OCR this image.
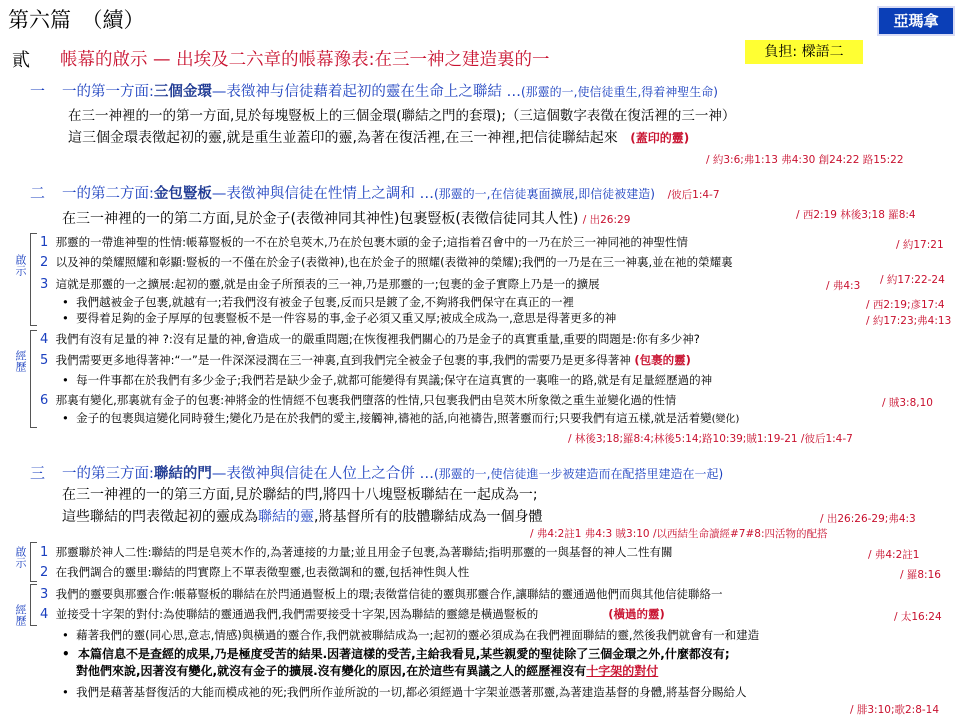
第六篇　（續）	亞瑪拿
負担: 樑語二
貳 帳幕的啟示 — 出埃及二六章的帳幕豫表:在三一神之建造裏的一
一 一的第一方面:三個金環—表徵神与信徒藉着起初的靈在生命上之聯結 …(那靈的一,使信徒重生,得着神聖生命)
在三一神裡的一的第一方面,見於每塊豎板上的三個金環(聯結之門的套環);（三這個數字表徵在復活裡的三一神）
這三個金環表徵起初的靈,就是重生並蓋印的靈,為著在復活裡,在三一神裡,把信徒聯結起來 (蓋印的靈)
/ 約3:6;弗1:13 弗4:30 創24:22 路15:22
二 一的第二方面:金包豎板—表徵神與信徒在性情上之調和 …(那靈的一,在信徒裏面擴展,即信徒被建造) /彼后1:4-7
在三一神裡的一的第二方面,見於金子(表徵神同其神性)包裹豎板(表徵信徒同其人性) / 出26:29	/ 西2:19 林後3;18 羅8:4
啟示
經歷
1 那靈的一帶進神聖的性情:帳幕豎板的一不在於皂莢木,乃在於包裹木頭的金子;這指着召會中的一乃在於三一神同祂的神聖性情	/ 約17:21
2 以及神的榮耀照耀和彰顯:豎板的一不僅在於金子(表徵神),也在於金子的照耀(表徵神的榮耀);我們的一乃是在三一神裏,並在祂的榮耀裏
/ 約17:22-24
3 這就是那靈的一之擴展:起初的靈,就是由金子所預表的三一神,乃是那靈的一;包裹的金子實際上乃是一的擴展	/ 弗4:3
•  我們越被金子包裹,就越有一;若我們沒有被金子包裹,反而只是鍍了金,不夠將我們保守在真正的一裡	/ 西2:19;彥17:4
•  要得着足夠的金子厚厚的包裹豎板不是一件容易的事,金子必須又重又厚;被成全成為一,意思是得著更多的神	/ 約17:23;弗4:13
4 我們有沒有足量的神 ?:沒有足量的神,會造成一的嚴重問題;在恢復裡我們關心的乃是金子的真實重量,重要的問題是:你有多少神?
5 我們需要更多地得著神:“一”是一件深深浸潤在三一神裏,直到我們完全被金子包裹的事,我們的需要乃是更多得著神 (包裹的靈)
•  每一件事都在於我們有多少金子;我們若是缺少金子,就都可能變得有異議;保守在這真實的一裏唯一的路,就是有足量經歷過的神
6 那裏有變化,那裏就有金子的包裹:神將金的性情經不包裹我們墮落的性情,只包裹我們由皂莢木所象徵之重生並變化過的性情	/ 賊3:8,10
•  金子的包裹與這變化同時發生;變化乃是在於我們的愛主,接觸神,禱祂的話,向祂禱告,照著靈而行;只要我們有這五樣,就是活着變(變化)
/ 林後3;18;羅8:4;林後5:14;路10:39;賊1:19-21 /彼后1:4-7
三 一的第三方面:聯結的門—表徵神與信徒在人位上之合併 …(那靈的一,使信徒進一步被建造而在配搭里建造在一起)
在三一神裡的一的第三方面,見於聯結的閂,將四十八塊豎板聯結在一起成為一;
這些聯結的閂表徵起初的靈成為聯結的靈,將基督所有的肢體聯結成為一個身體	/ 出26:26-29;弗4:3
/ 弗4:2註1 弗4:3 賊3:10 /以西結生命讀經#7#8:四活物的配搭
啟示
經歷
1 那靈聯於神人二性:聯結的閂是皂莢木作的,為著連接的力量;並且用金子包裹,為著聯結;指明那靈的一與基督的神人二性有關	/ 弗4:2註1
2 在我們調合的靈里:聯結的閂實際上不單表徵聖靈,也表徵調和的靈,包括神性與人性	/ 羅8:16
3 我們的靈要與那靈合作:帳幕豎板的聯結在於閂通過豎板上的環;表徵當信徒的靈與那靈合作,讓聯結的靈通過他們而與其他信徒聯絡一
4 並接受十字架的對付:為使聯結的靈通過我們,我們需要接受十字架,因為聯結的靈總是橫過豎板的	(橫過的靈)	/ 太16:24
•  藉著我們的靈(同心思,意志,情感)與橫過的靈合作,我們就被聯結成為一;起初的靈必須成為在我們裡面聯結的靈,然後我們就會有一和建造
•  本篇信息不是查經的成果,乃是極度受苦的結果.因著這樣的受苦,主給我看見,某些親愛的聖徒除了三個金環之外,什麼都沒有;
對他們來說,因著沒有變化,就沒有金子的擴展.沒有變化的原因,在於這些有異議之人的經歷裡沒有十字架的對付
•  我們是藉著基督復活的大能而模成祂的死;我們所作並所說的一切,都必須經過十字架並憑著那靈,為著建造基督的身體,將基督分賜給人
/ 腓3:10;歌2:8-14
